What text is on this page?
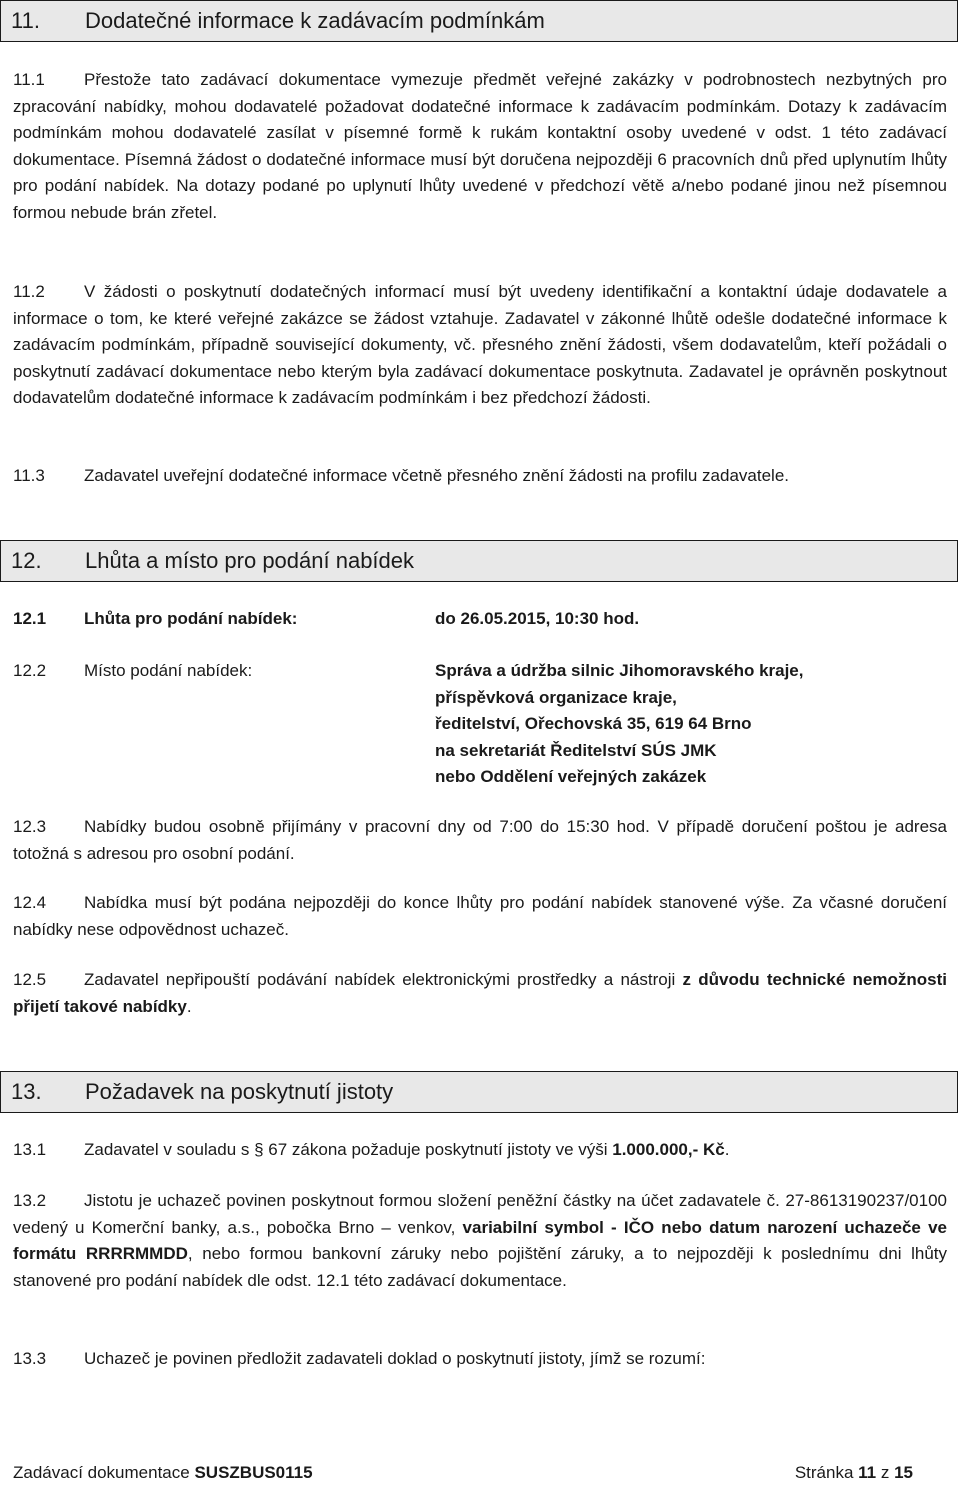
11. Dodatečné informace k zadávacím podmínkám

11.1 Přestože tato zadávací dokumentace vymezuje předmět veřejné zakázky v podrobnostech nezbytných pro zpracování nabídky, mohou dodavatelé požadovat dodatečné informace k zadávacím podmínkám. Dotazy k zadávacím podmínkám mohou dodavatelé zasílat v písemné formě k rukám kontaktní osoby uvedené v odst. 1 této zadávací dokumentace. Písemná žádost o dodatečné informace musí být doručena nejpozději 6 pracovních dnů před uplynutím lhůty pro podání nabídek. Na dotazy podané po uplynutí lhůty uvedené v předchozí větě a/nebo podané jinou než písemnou formou nebude brán zřetel.

11.2 V žádosti o poskytnutí dodatečných informací musí být uvedeny identifikační a kontaktní údaje dodavatele a informace o tom, ke které veřejné zakázce se žádost vztahuje. Zadavatel v zákonné lhůtě odešle dodatečné informace k zadávacím podmínkám, případně související dokumenty, vč. přesného znění žádosti, všem dodavatelům, kteří požádali o poskytnutí zadávací dokumentace nebo kterým byla zadávací dokumentace poskytnuta. Zadavatel je oprávněn poskytnout dodavatelům dodatečné informace k zadávacím podmínkám i bez předchozí žádosti.

11.3 Zadavatel uveřejní dodatečné informace včetně přesného znění žádosti na profilu zadavatele.

12. Lhůta a místo pro podání nabídek
12.1 Lhůta pro podání nabídek:	do 26.05.2015, 10:30 hod.
12.2 Místo podání nabídek:	Správa a údržba silnic Jihomoravského kraje,
příspěvková organizace kraje,
ředitelství, Ořechovská 35, 619 64 Brno
na sekretariát Ředitelství SÚS JMK
nebo Oddělení veřejných zakázek

12.3 Nabídky budou osobně přijímány v pracovní dny od 7:00 do 15:30 hod. V případě doručení poštou je adresa totožná s adresou pro osobní podání.

12.4 Nabídka musí být podána nejpozději do konce lhůty pro podání nabídek stanovené výše. Za včasné doručení nabídky nese odpovědnost uchazeč.

12.5 Zadavatel nepřipouští podávání nabídek elektronickými prostředky a nástroji z důvodu technické nemožnosti přijetí takové nabídky.

13. Požadavek na poskytnutí jistoty

13.1 Zadavatel v souladu s § 67 zákona požaduje poskytnutí jistoty ve výši 1.000.000,- Kč.

13.2 Jistotu je uchazeč povinen poskytnout formou složení peněžní částky na účet zadavatele č. 27-8613190237/0100 vedený u Komerční banky, a.s., pobočka Brno – venkov, variabilní symbol - IČO nebo datum narození uchazeče ve formátu RRRRMMDD, nebo formou bankovní záruky nebo pojištění záruky, a to nejpozději k poslednímu dni lhůty stanovené pro podání nabídek dle odst. 12.1 této zadávací dokumentace.

13.3 Uchazeč je povinen předložit zadavateli doklad o poskytnutí jistoty, jímž se rozumí:

Zadávací dokumentace SUSZBUS0115	Stránka 11 z 15
